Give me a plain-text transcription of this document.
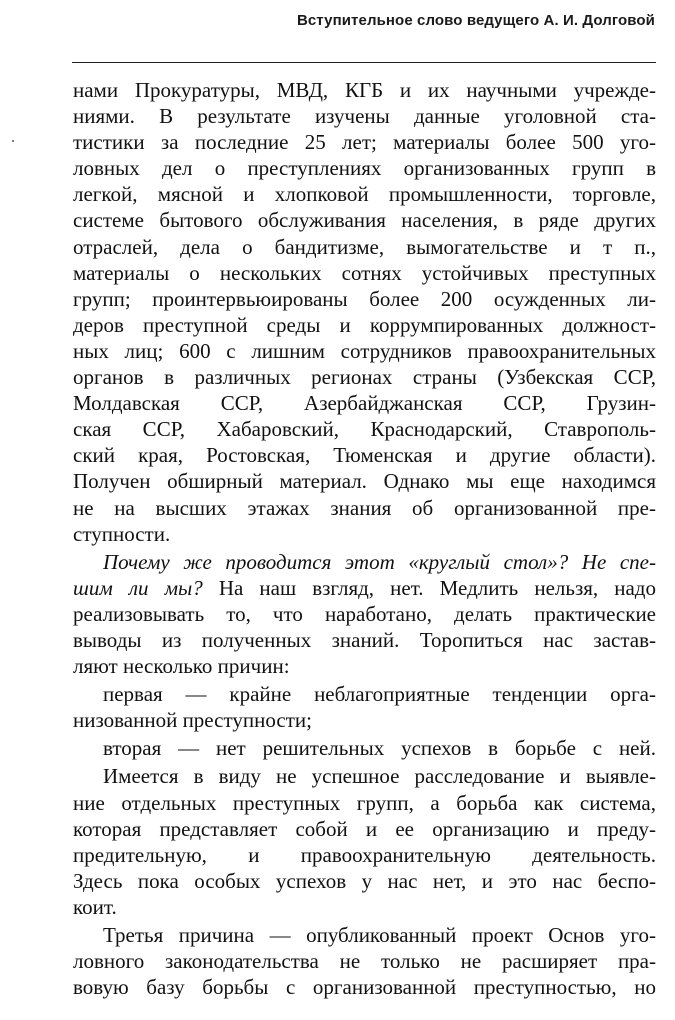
Вступительное слово ведущего А. И. Долговой
нами Прокуратуры, МВД, КГБ и их научными учрежде-
ниями. В результате изучены данные уголовной ста-
тистики за последние 25 лет; материалы более 500 уго-
ловных дел о преступлениях организованных групп в
легкой, мясной и хлопковой промышленности, торговле,
системе бытового обслуживания населения, в ряде других
отраслей, дела о бандитизме, вымогательстве и т п.,
материалы о нескольких сотнях устойчивых преступных
групп; проинтервьюированы более 200 осужденных ли-
деров преступной среды и коррумпированных должност-
ных лиц; 600 с лишним сотрудников правоохранительных
органов в различных регионах страны (Узбекская ССР,
Молдавская ССР, Азербайджанская ССР, Грузин-
ская ССР, Хабаровский, Краснодарский, Ставрополь-
ский края, Ростовская, Тюменская и другие области).
Получен обширный материал. Однако мы еще находимся
не на высших этажах знания об организованной пре-
ступности.
Почему же проводится этот «круглый стол»? Не спе-
шим ли мы? На наш взгляд, нет. Медлить нельзя, надо
реализовывать то, что наработано, делать практические
выводы из полученных знаний. Торопиться нас застав-
ляют несколько причин:
первая — крайне неблагоприятные тенденции орга-
низованной преступности;
вторая — нет решительных успехов в борьбе с ней.
Имеется в виду не успешное расследование и выявле-
ние отдельных преступных групп, а борьба как система,
которая представляет собой и ее организацию и преду-
предительную, и правоохранительную деятельность.
Здесь пока особых успехов у нас нет, и это нас беспо-
коит.
Третья причина — опубликованный проект Основ уго-
ловного законодательства не только не расширяет пра-
вовую базу борьбы с организованной преступностью, но
